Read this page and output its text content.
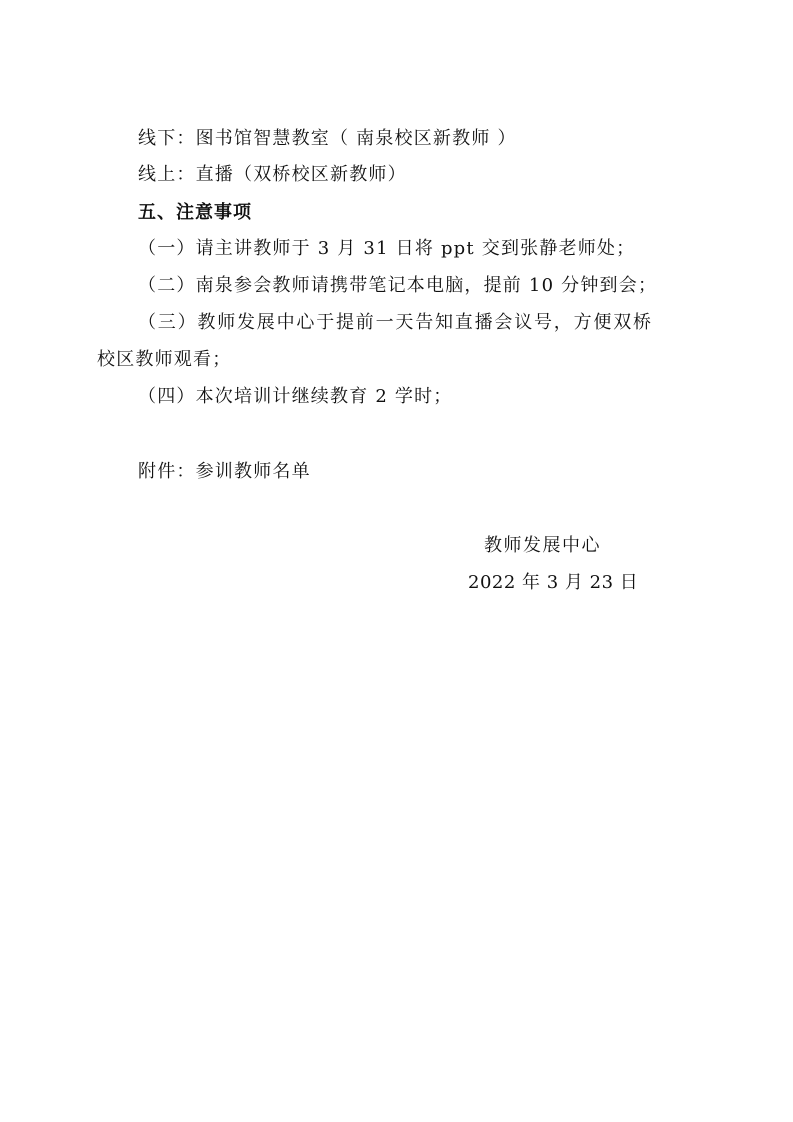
线下：图书馆智慧教室（ 南泉校区新教师 ）
线上：直播（双桥校区新教师）
五、注意事项
（一）请主讲教师于 3 月 31 日将 ppt 交到张静老师处；
（二）南泉参会教师请携带笔记本电脑，提前 10 分钟到会；
（三）教师发展中心于提前一天告知直播会议号，方便双桥
校区教师观看；
（四）本次培训计继续教育 2 学时；
附件：参训教师名单
教师发展中心
2022 年 3 月 23 日
